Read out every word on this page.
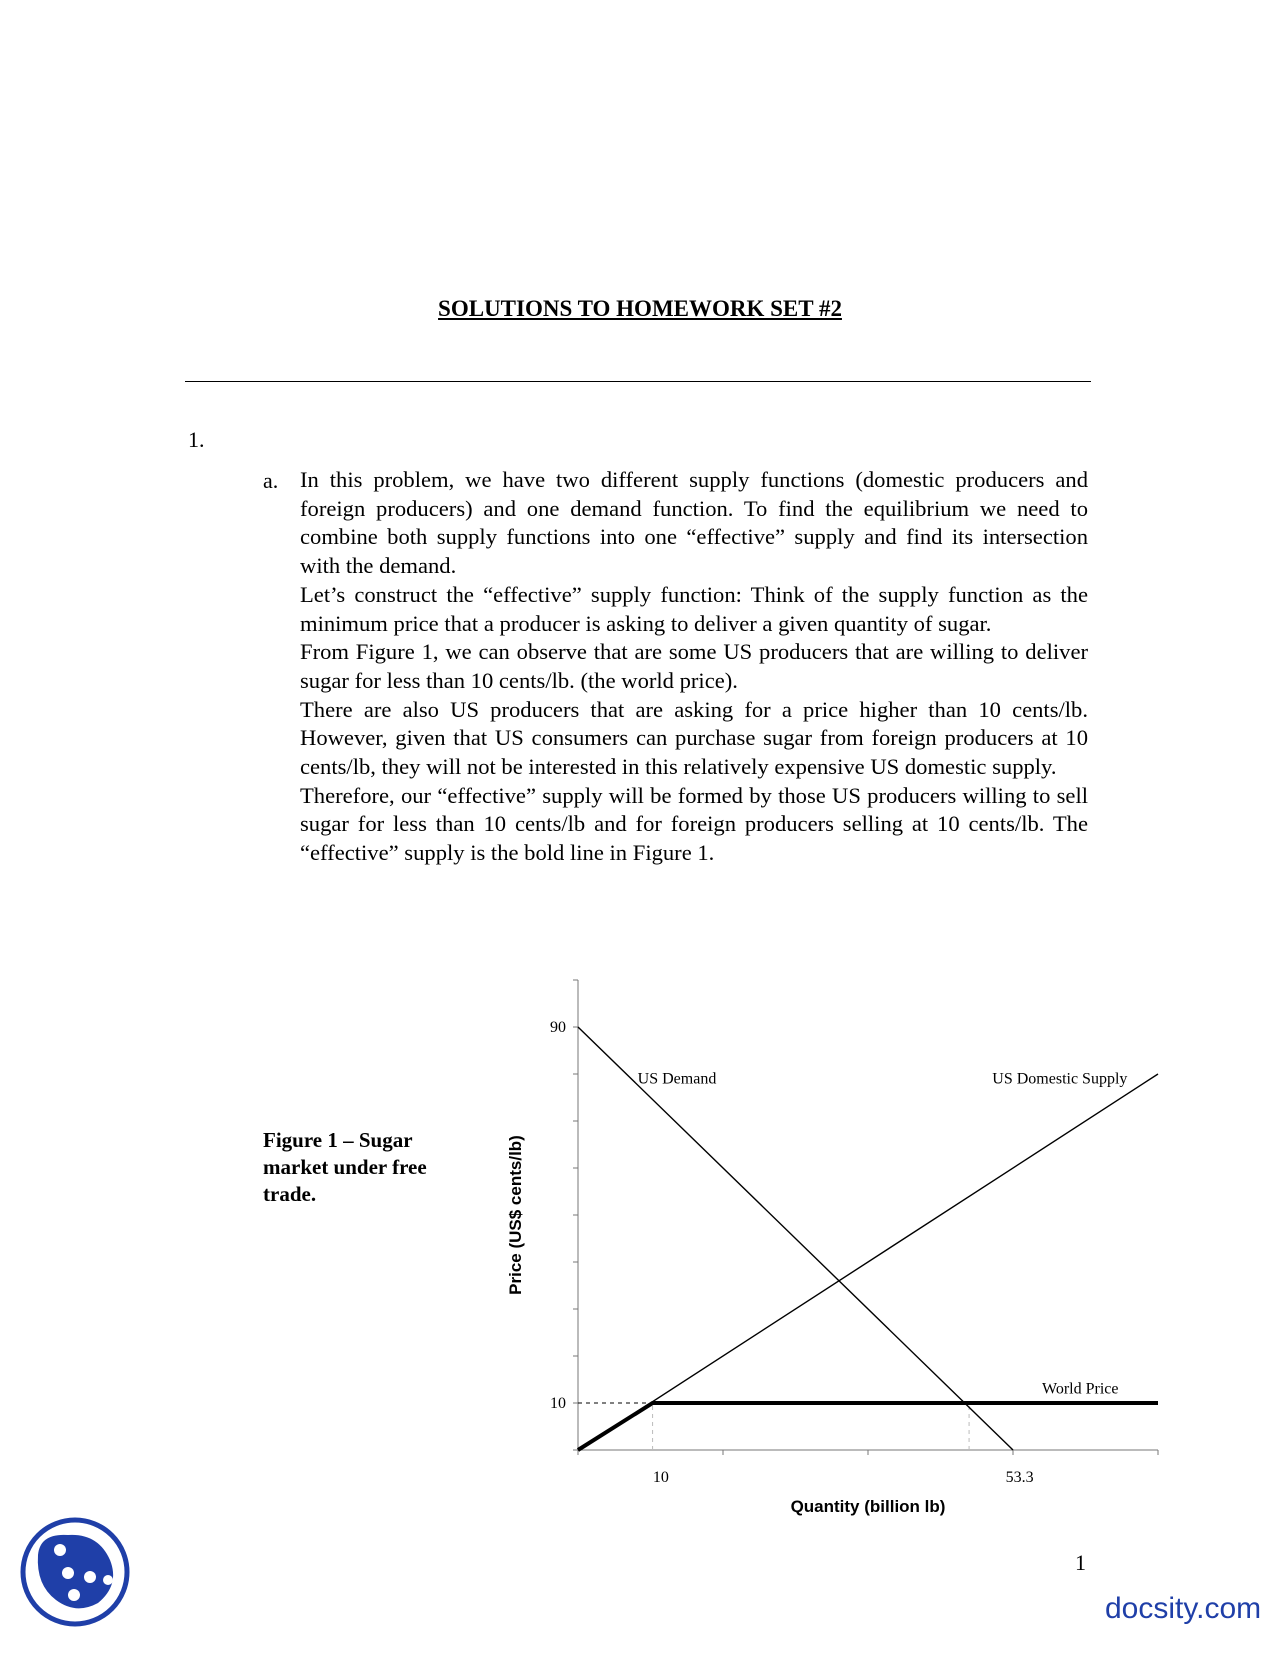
SOLUTIONS TO HOMEWORK SET #2
1.
a. In this problem, we have two different supply functions (domestic producers and foreign producers) and one demand function. To find the equilibrium we need to combine both supply functions into one “effective” supply and find its intersection with the demand.

Let’s construct the “effective” supply function: Think of the supply function as the minimum price that a producer is asking to deliver a given quantity of sugar.

From Figure 1, we can observe that are some US producers that are willing to deliver sugar for less than 10 cents/lb. (the world price).

There are also US producers that are asking for a price higher than 10 cents/lb. However, given that US consumers can purchase sugar from foreign producers at 10 cents/lb, they will not be interested in this relatively expensive US domestic supply.

Therefore, our “effective” supply will be formed by those US producers willing to sell sugar for less than 10 cents/lb and for foreign producers selling at 10 cents/lb. The “effective” supply is the bold line in Figure 1.

Figure 1 – Sugar market under free trade.
US Demand	US Domestic Supply
World Price
90
10
10	53.3
Quantity (billion lb)
Price (US$ cents/lb)
1
docsity.com
